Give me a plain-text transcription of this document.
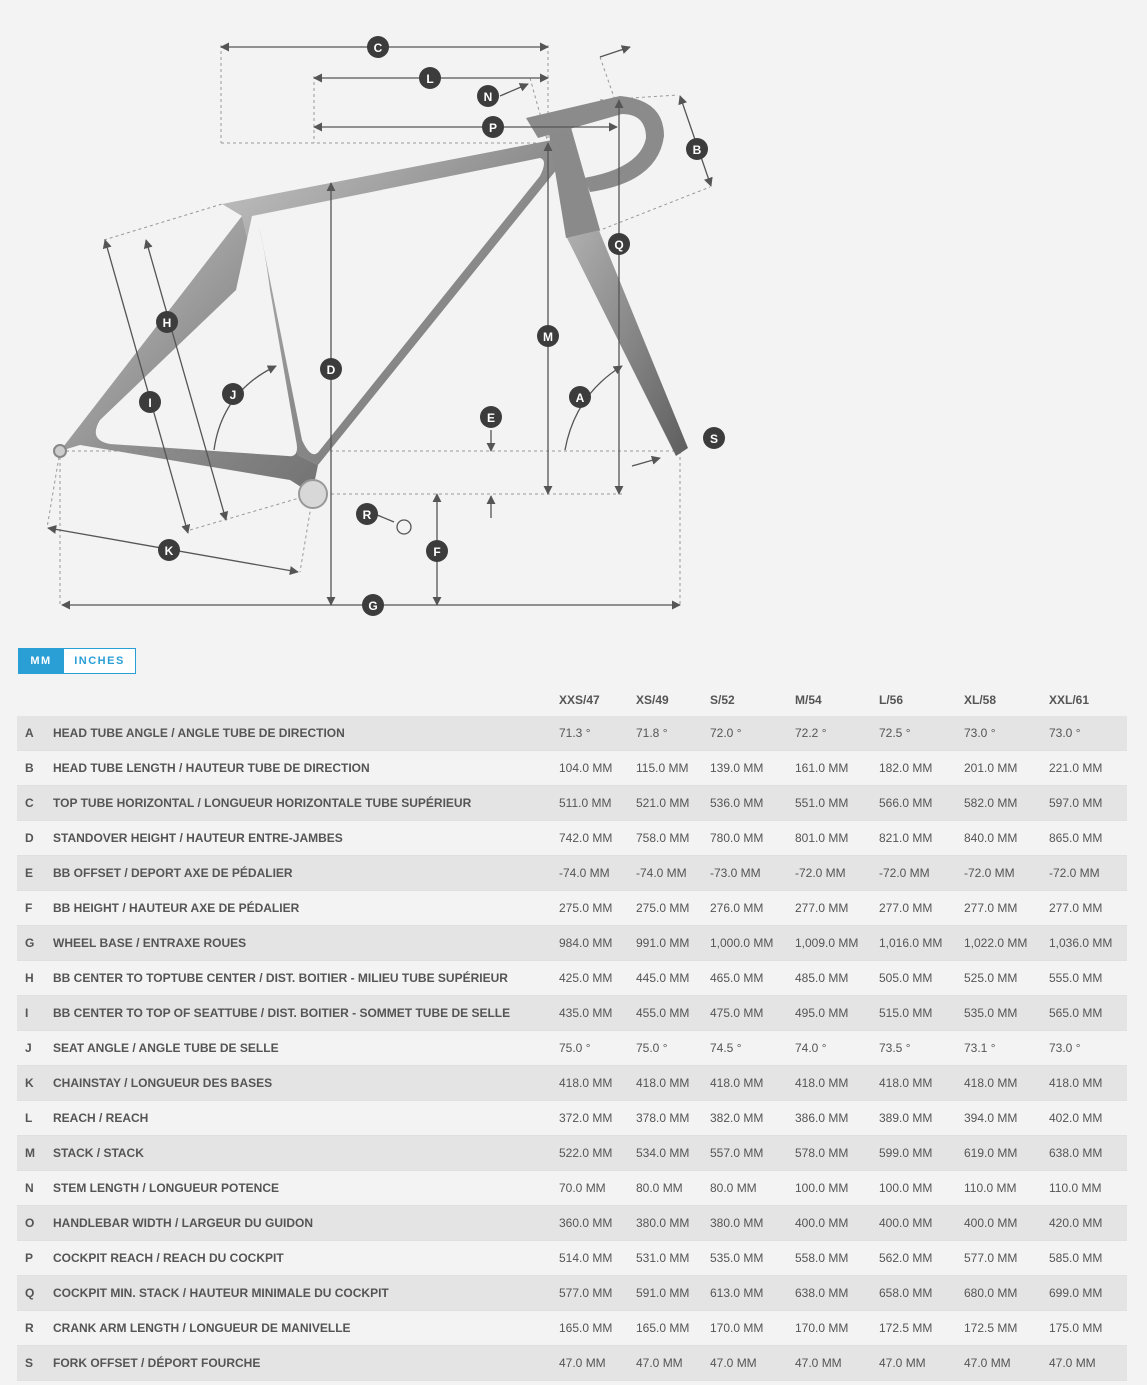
C
L
N
P
B
Q
M
H
D
J
I	A
E
S
R
K	F
G
MM	INCHES
		XXS/47	XS/49	S/52	M/54	L/56	XL/58	XXL/61
A	HEAD TUBE ANGLE / ANGLE TUBE DE DIRECTION	71.3 °	71.8 °	72.0 °	72.2 °	72.5 °	73.0 °	73.0 °
B	HEAD TUBE LENGTH / HAUTEUR TUBE DE DIRECTION	104.0 MM	115.0 MM	139.0 MM	161.0 MM	182.0 MM	201.0 MM	221.0 MM
C	TOP TUBE HORIZONTAL / LONGUEUR HORIZONTALE TUBE SUPÉRIEUR	511.0 MM	521.0 MM	536.0 MM	551.0 MM	566.0 MM	582.0 MM	597.0 MM
D	STANDOVER HEIGHT / HAUTEUR ENTRE-JAMBES	742.0 MM	758.0 MM	780.0 MM	801.0 MM	821.0 MM	840.0 MM	865.0 MM
E	BB OFFSET / DEPORT AXE DE PÉDALIER	-74.0 MM	-74.0 MM	-73.0 MM	-72.0 MM	-72.0 MM	-72.0 MM	-72.0 MM
F	BB HEIGHT / HAUTEUR AXE DE PÉDALIER	275.0 MM	275.0 MM	276.0 MM	277.0 MM	277.0 MM	277.0 MM	277.0 MM
G	WHEEL BASE / ENTRAXE ROUES	984.0 MM	991.0 MM	1,000.0 MM	1,009.0 MM	1,016.0 MM	1,022.0 MM	1,036.0 MM
H	BB CENTER TO TOPTUBE CENTER / DIST. BOITIER - MILIEU TUBE SUPÉRIEUR	425.0 MM	445.0 MM	465.0 MM	485.0 MM	505.0 MM	525.0 MM	555.0 MM
I	BB CENTER TO TOP OF SEATTUBE / DIST. BOITIER - SOMMET TUBE DE SELLE	435.0 MM	455.0 MM	475.0 MM	495.0 MM	515.0 MM	535.0 MM	565.0 MM
J	SEAT ANGLE / ANGLE TUBE DE SELLE	75.0 °	75.0 °	74.5 °	74.0 °	73.5 °	73.1 °	73.0 °
K	CHAINSTAY / LONGUEUR DES BASES	418.0 MM	418.0 MM	418.0 MM	418.0 MM	418.0 MM	418.0 MM	418.0 MM
L	REACH / REACH	372.0 MM	378.0 MM	382.0 MM	386.0 MM	389.0 MM	394.0 MM	402.0 MM
M	STACK / STACK	522.0 MM	534.0 MM	557.0 MM	578.0 MM	599.0 MM	619.0 MM	638.0 MM
N	STEM LENGTH / LONGUEUR POTENCE	70.0 MM	80.0 MM	80.0 MM	100.0 MM	100.0 MM	110.0 MM	110.0 MM
O	HANDLEBAR WIDTH / LARGEUR DU GUIDON	360.0 MM	380.0 MM	380.0 MM	400.0 MM	400.0 MM	400.0 MM	420.0 MM
P	COCKPIT REACH / REACH DU COCKPIT	514.0 MM	531.0 MM	535.0 MM	558.0 MM	562.0 MM	577.0 MM	585.0 MM
Q	COCKPIT MIN. STACK / HAUTEUR MINIMALE DU COCKPIT	577.0 MM	591.0 MM	613.0 MM	638.0 MM	658.0 MM	680.0 MM	699.0 MM
R	CRANK ARM LENGTH / LONGUEUR DE MANIVELLE	165.0 MM	165.0 MM	170.0 MM	170.0 MM	172.5 MM	172.5 MM	175.0 MM
S	FORK OFFSET / DÉPORT FOURCHE	47.0 MM	47.0 MM	47.0 MM	47.0 MM	47.0 MM	47.0 MM	47.0 MM
